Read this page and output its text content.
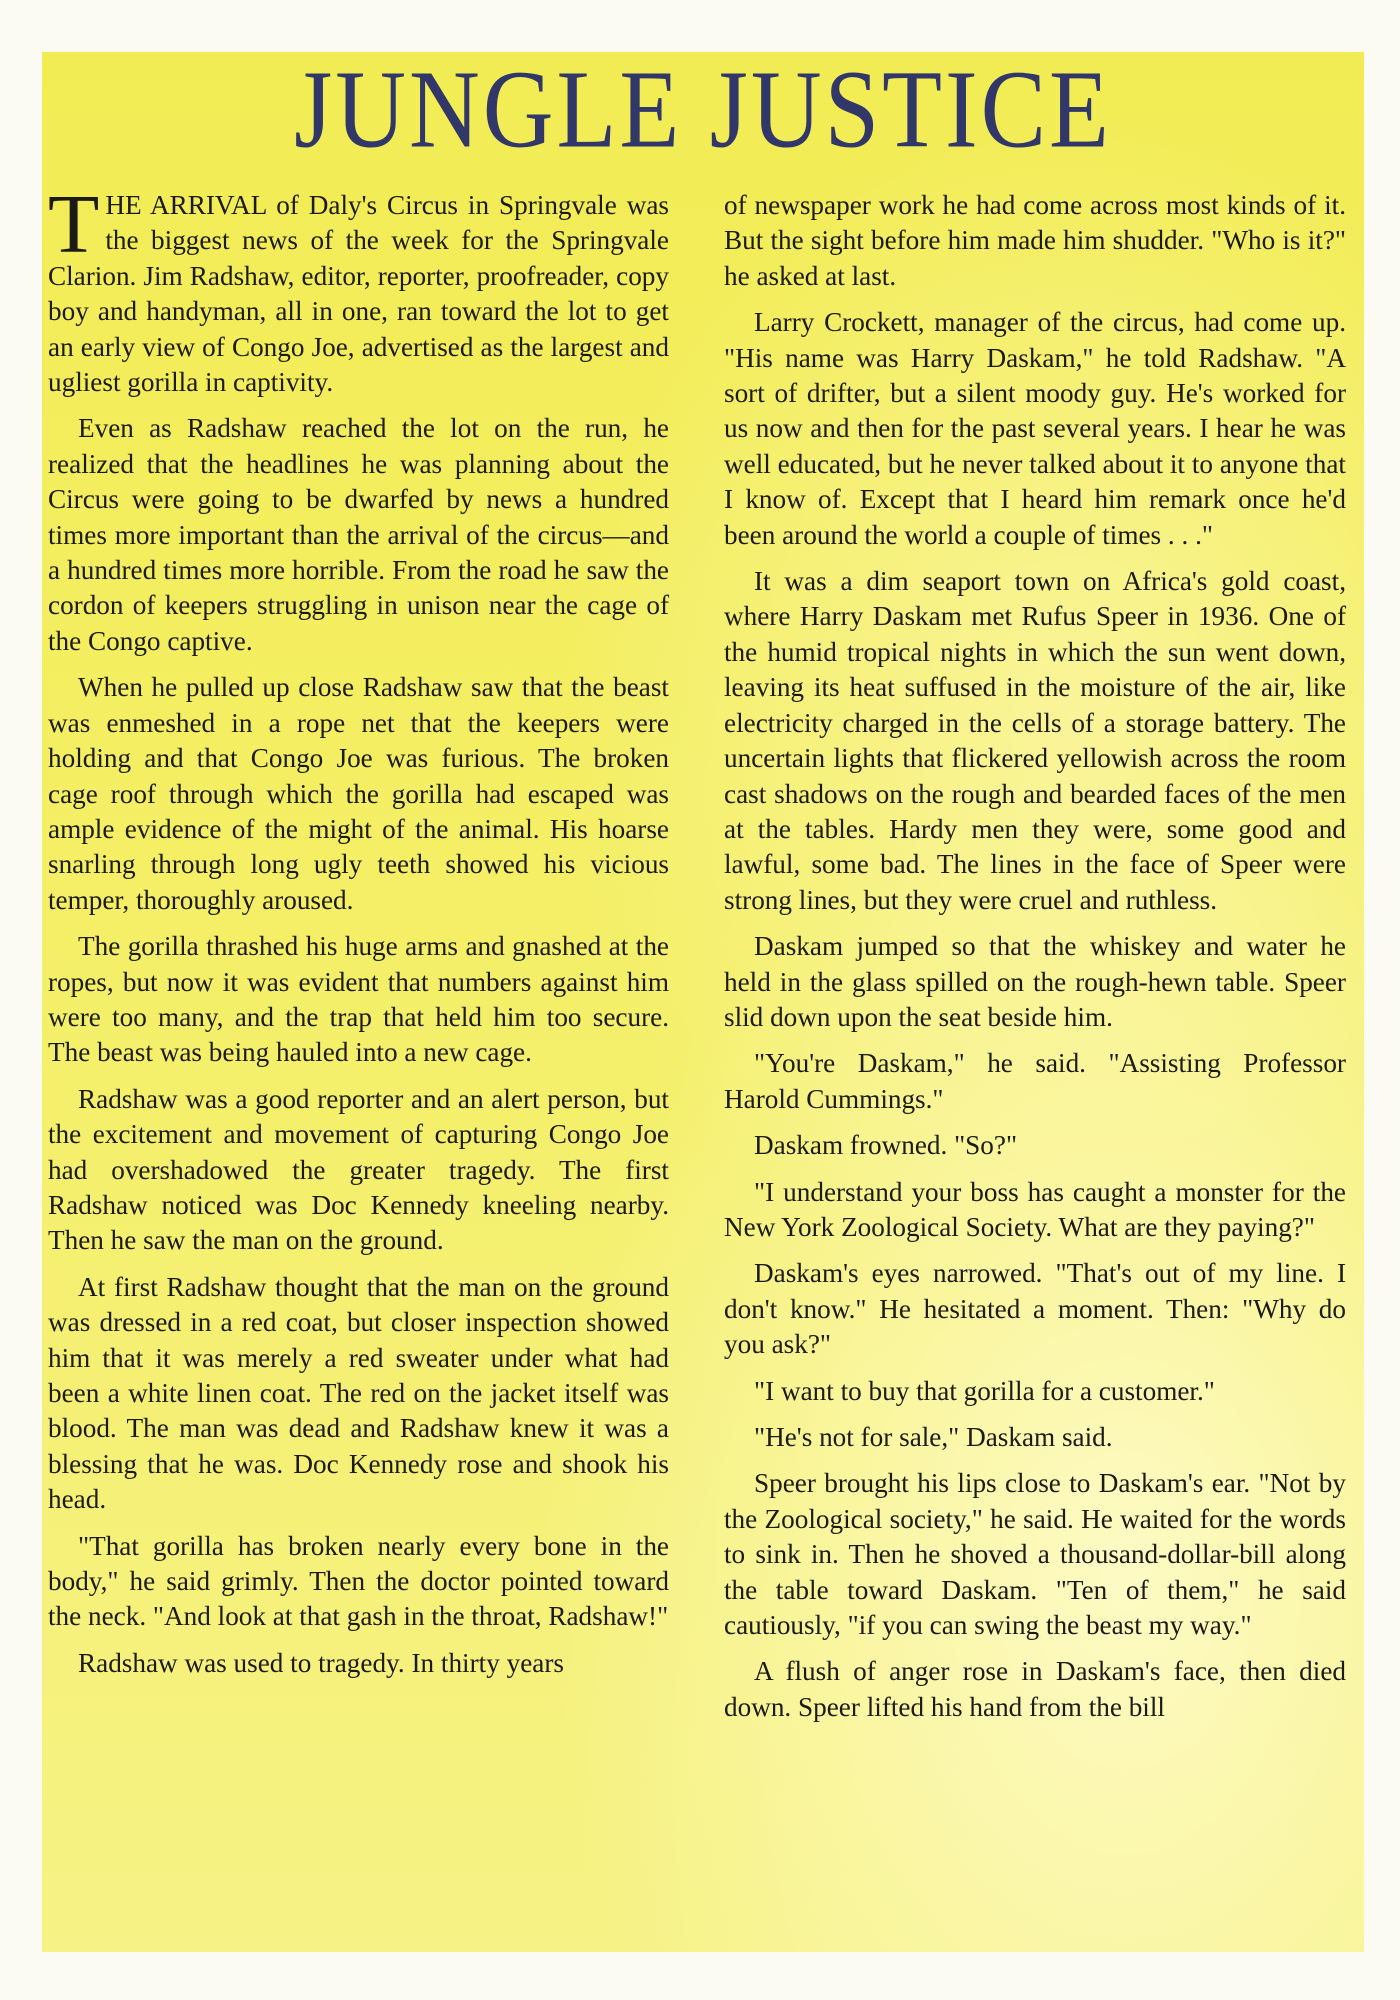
JUNGLE JUSTICE

THE ARRIVAL of Daly's Circus in Springvale was the biggest news of the week for the Springvale Clarion. Jim Radshaw, editor, reporter, proofreader, copy boy and handyman, all in one, ran toward the lot to get an early view of Congo Joe, advertised as the largest and ugliest gorilla in captivity.

Even as Radshaw reached the lot on the run, he realized that the headlines he was planning about the Circus were going to be dwarfed by news a hundred times more important than the arrival of the circus—and a hundred times more horrible. From the road he saw the cordon of keepers struggling in unison near the cage of the Congo captive.

When he pulled up close Radshaw saw that the beast was enmeshed in a rope net that the keepers were holding and that Congo Joe was furious. The broken cage roof through which the gorilla had escaped was ample evidence of the might of the animal. His hoarse snarling through long ugly teeth showed his vicious temper, thoroughly aroused.

The gorilla thrashed his huge arms and gnashed at the ropes, but now it was evident that numbers against him were too many, and the trap that held him too secure. The beast was being hauled into a new cage.

Radshaw was a good reporter and an alert person, but the excitement and movement of capturing Congo Joe had overshadowed the greater tragedy. The first Radshaw noticed was Doc Kennedy kneeling nearby. Then he saw the man on the ground.

At first Radshaw thought that the man on the ground was dressed in a red coat, but closer inspection showed him that it was merely a red sweater under what had been a white linen coat. The red on the jacket itself was blood. The man was dead and Radshaw knew it was a blessing that he was. Doc Kennedy rose and shook his head.

"That gorilla has broken nearly every bone in the body," he said grimly. Then the doctor pointed toward the neck. "And look at that gash in the throat, Radshaw!"

Radshaw was used to tragedy. In thirty years

of newspaper work he had come across most kinds of it. But the sight before him made him shudder. "Who is it?" he asked at last.

Larry Crockett, manager of the circus, had come up. "His name was Harry Daskam," he told Radshaw. "A sort of drifter, but a silent moody guy. He's worked for us now and then for the past several years. I hear he was well educated, but he never talked about it to anyone that I know of. Except that I heard him remark once he'd been around the world a couple of times . . ."

It was a dim seaport town on Africa's gold coast, where Harry Daskam met Rufus Speer in 1936. One of the humid tropical nights in which the sun went down, leaving its heat suffused in the moisture of the air, like electricity charged in the cells of a storage battery. The uncertain lights that flickered yellowish across the room cast shadows on the rough and bearded faces of the men at the tables. Hardy men they were, some good and lawful, some bad. The lines in the face of Speer were strong lines, but they were cruel and ruthless.

Daskam jumped so that the whiskey and water he held in the glass spilled on the rough-hewn table. Speer slid down upon the seat beside him.

"You're Daskam," he said. "Assisting Professor Harold Cummings."

Daskam frowned. "So?"

"I understand your boss has caught a monster for the New York Zoological Society. What are they paying?"

Daskam's eyes narrowed. "That's out of my line. I don't know." He hesitated a moment. Then: "Why do you ask?"

"I want to buy that gorilla for a customer."

"He's not for sale," Daskam said.

Speer brought his lips close to Daskam's ear. "Not by the Zoological society," he said. He waited for the words to sink in. Then he shoved a thousand-dollar-bill along the table toward Daskam. "Ten of them," he said cautiously, "if you can swing the beast my way."

A flush of anger rose in Daskam's face, then died down. Speer lifted his hand from the bill
